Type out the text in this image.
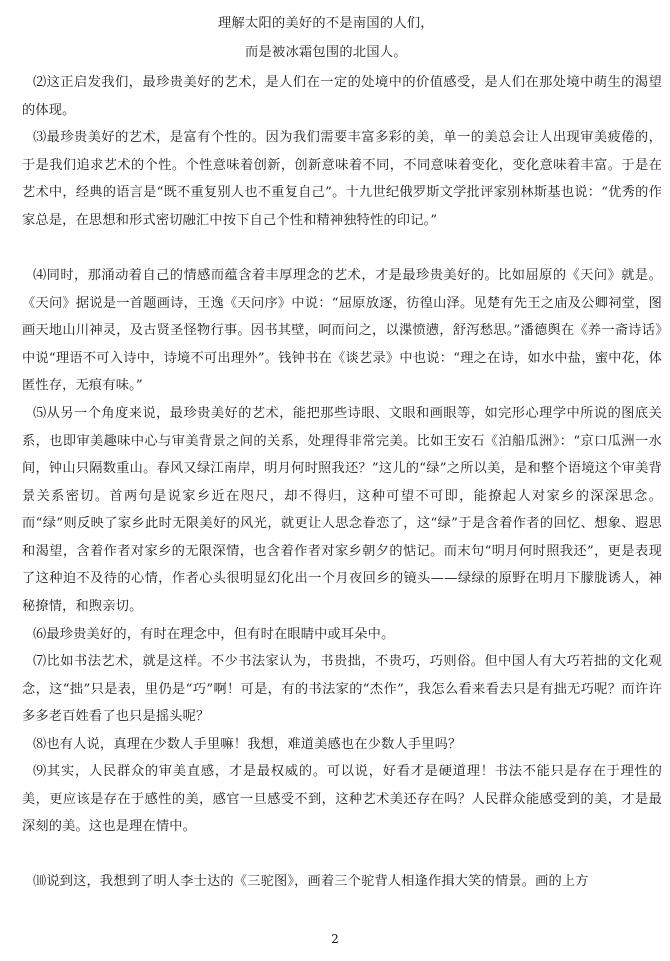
理解太阳的美好的不是南国的人们，
而是被冰霜包围的北国人。
⑵这正启发我们，最珍贵美好的艺术，是人们在一定的处境中的价值感受，是人们在那处境中萌生的渴望的体现。
⑶最珍贵美好的艺术，是富有个性的。因为我们需要丰富多彩的美，单一的美总会让人出现审美疲倦的，于是我们追求艺术的个性。个性意味着创新，创新意味着不同，不同意味着变化，变化意味着丰富。于是在艺术中，经典的语言是“既不重复别人也不重复自己”。十九世纪俄罗斯文学批评家别林斯基也说：“优秀的作家总是，在思想和形式密切融汇中按下自己个性和精神独特性的印记。”
⑷同时，那涌动着自己的情感而蕴含着丰厚理念的艺术，才是最珍贵美好的。比如屈原的《天问》就是。《天问》据说是一首题画诗，王逸《天问序》中说：“屈原放逐，彷徨山泽。见楚有先王之庙及公卿祠堂，图画天地山川神灵，及古贤圣怪物行事。因书其壁，呵而问之，以渫愤懑，舒泻愁思。”潘德舆在《养一斋诗话》中说“理语不可入诗中，诗境不可出理外”。钱钟书在《谈艺录》中也说：“理之在诗，如水中盐，蜜中花，体匿性存，无痕有味。”
⑸从另一个角度来说，最珍贵美好的艺术，能把那些诗眼、文眼和画眼等，如完形心理学中所说的图底关系，也即审美趣味中心与审美背景之间的关系，处理得非常完美。比如王安石《泊船瓜洲》：“京口瓜洲一水间，钟山只隔数重山。春风又绿江南岸，明月何时照我还？”这儿的“绿”之所以美，是和整个语境这个审美背景关系密切。首两句是说家乡近在咫尺，却不得归，这种可望不可即，能撩起人对家乡的深深思念。而“绿”则反映了家乡此时无限美好的风光，就更让人思念眷恋了，这“绿”于是含着作者的回忆、想象、遐思和渴望，含着作者对家乡的无限深情，也含着作者对家乡朝夕的惦记。而末句“明月何时照我还”，更是表现了这种迫不及待的心情，作者心头很明显幻化出一个月夜回乡的镜头——绿绿的原野在明月下朦胧诱人，神秘撩情，和煦亲切。
⑹最珍贵美好的，有时在理念中，但有时在眼睛中或耳朵中。
⑺比如书法艺术，就是这样。不少书法家认为，书贵拙，不贵巧，巧则俗。但中国人有大巧若拙的文化观念，这“拙”只是表，里仍是“巧”啊！可是，有的书法家的“杰作”，我怎么看来看去只是有拙无巧呢？而许许多多老百姓看了也只是摇头呢？
⑻也有人说，真理在少数人手里嘛！我想，难道美感也在少数人手里吗？
⑼其实，人民群众的审美直感，才是最权威的。可以说，好看才是硬道理！书法不能只是存在于理性的美，更应该是存在于感性的美，感官一旦感受不到，这种艺术美还存在吗？人民群众能感受到的美，才是最深刻的美。这也是理在情中。
⑽说到这，我想到了明人李士达的《三驼图》，画着三个驼背人相逢作揖大笑的情景。画的上方
2
